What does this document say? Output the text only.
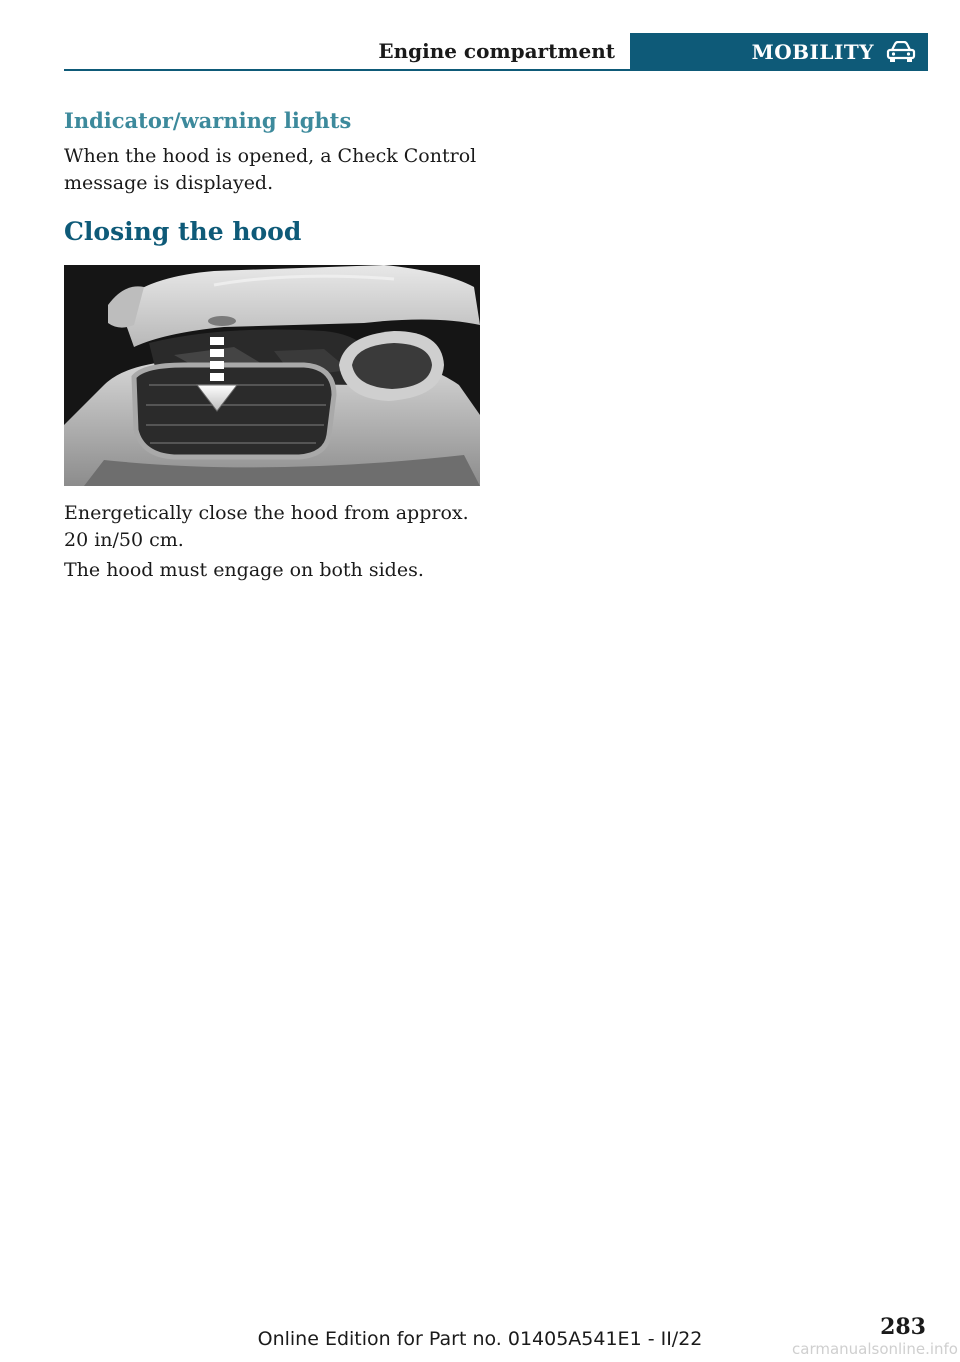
Engine compartment	MOBILITY
Indicator/warning lights

When the hood is opened, a Check Control message is displayed.

Closing the hood

Energetically close the hood from approx. 20 in/50 cm.

The hood must engage on both sides.

283
Online Edition for Part no. 01405A541E1 - II/22	carmanualsonline.info
